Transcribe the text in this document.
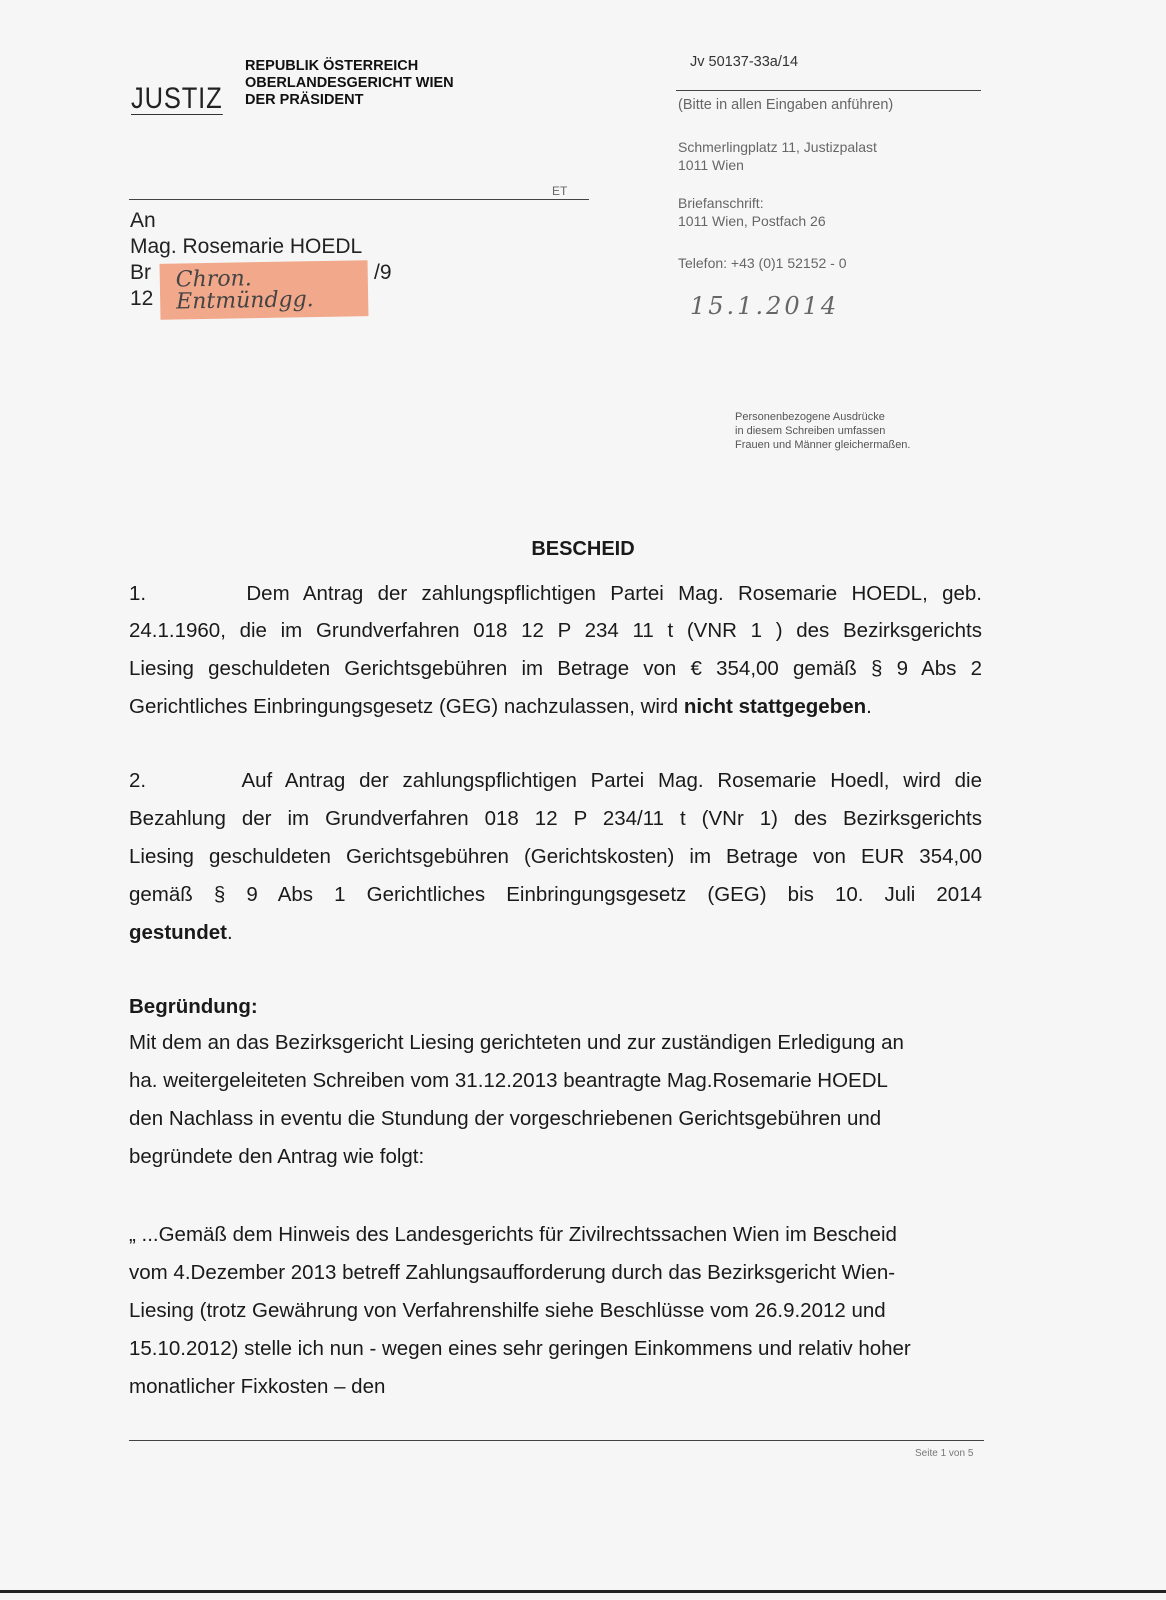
JUSTIZ
REPUBLIK ÖSTERREICH
OBERLANDESGERICHT WIEN
DER PRÄSIDENT
Jv 50137-33a/14
(Bitte in allen Eingaben anführen)
Schmerlingplatz 11, Justizpalast
1011 Wien
Briefanschrift:
1011 Wien, Postfach 26
Telefon: +43 (0)1 52152 - 0
ET
An
Mag. Rosemarie HOEDL
Br
12
Chron. Entmündgg.
/9
15.1.2014
Personenbezogene Ausdrücke
in diesem Schreiben umfassen
Frauen und Männer gleichermaßen.
BESCHEID
1.       Dem Antrag der zahlungspflichtigen Partei Mag. Rosemarie HOEDL, geb.
24.1.1960, die im Grundverfahren 018 12 P 234 11 t (VNR 1 ) des Bezirksgerichts
Liesing geschuldeten Gerichtsgebühren im Betrage von € 354,00 gemäß § 9 Abs 2
Gerichtliches Einbringungsgesetz (GEG) nachzulassen, wird nicht stattgegeben.
2.       Auf Antrag der zahlungspflichtigen Partei Mag. Rosemarie Hoedl, wird die
Bezahlung der im Grundverfahren 018 12 P 234/11 t (VNr 1) des Bezirksgerichts
Liesing geschuldeten Gerichtsgebühren (Gerichtskosten) im Betrage von EUR 354,00
gemäß § 9 Abs 1 Gerichtliches Einbringungsgesetz (GEG) bis 10. Juli 2014
gestundet.
Begründung:
Mit dem an das Bezirksgericht Liesing gerichteten und zur zuständigen Erledigung an
ha. weitergeleiteten Schreiben vom 31.12.2013 beantragte Mag.Rosemarie HOEDL
den Nachlass in eventu die Stundung der vorgeschriebenen Gerichtsgebühren und
begründete den Antrag wie folgt:
„ ...Gemäß dem Hinweis des Landesgerichts für Zivilrechtssachen Wien im Bescheid
vom 4.Dezember 2013 betreff Zahlungsaufforderung durch das Bezirksgericht Wien-
Liesing (trotz Gewährung von Verfahrenshilfe siehe Beschlüsse vom 26.9.2012 und
15.10.2012) stelle ich nun - wegen eines sehr geringen Einkommens und relativ hoher
monatlicher Fixkosten – den
Seite 1 von 5
